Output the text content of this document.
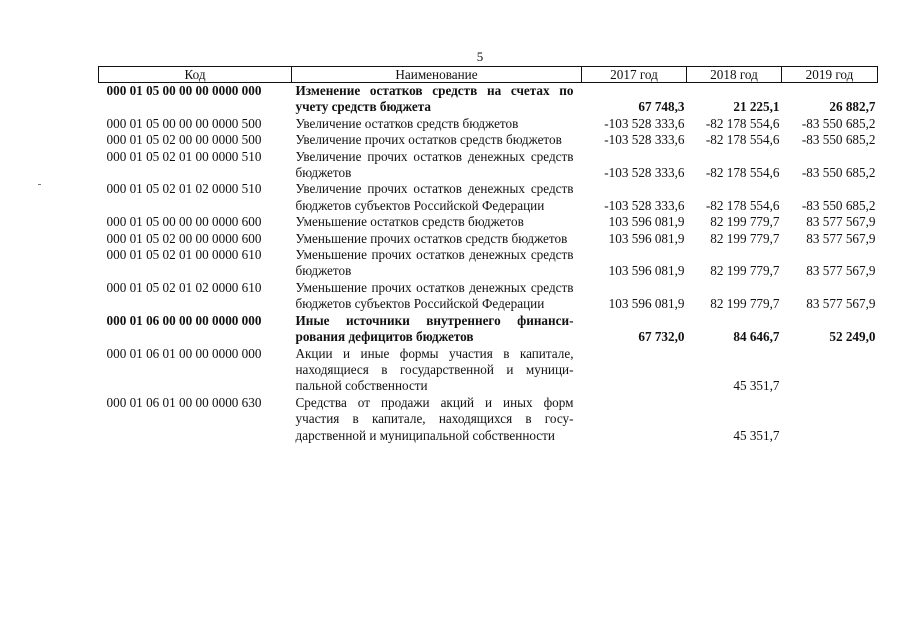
5
Код	Наименование	2017 год	2018 год	2019 год
000 01 05 00 00 00 0000 000	Изменение остатков средств на счетах по учету средств бюджета	67 748,3	21 225,1	26 882,7
000 01 05 00 00 00 0000 500	Увеличение остатков средств бюджетов	-103 528 333,6	-82 178 554,6	-83 550 685,2
000 01 05 02 00 00 0000 500	Увеличение прочих остатков средств бюджетов	-103 528 333,6	-82 178 554,6	-83 550 685,2
000 01 05 02 01 00 0000 510	Увеличение прочих остатков денежных средств бюджетов	-103 528 333,6	-82 178 554,6	-83 550 685,2
000 01 05 02 01 02 0000 510	Увеличение прочих остатков денежных средств бюджетов субъектов Российской Федерации	-103 528 333,6	-82 178 554,6	-83 550 685,2
000 01 05 00 00 00 0000 600	Уменьшение остатков средств бюджетов	103 596 081,9	82 199 779,7	83 577 567,9
000 01 05 02 00 00 0000 600	Уменьшение прочих остатков средств бюджетов	103 596 081,9	82 199 779,7	83 577 567,9
000 01 05 02 01 00 0000 610	Уменьшение прочих остатков денежных средств бюджетов	103 596 081,9	82 199 779,7	83 577 567,9
000 01 05 02 01 02 0000 610	Уменьшение прочих остатков денежных средств бюджетов субъектов Российской Федерации	103 596 081,9	82 199 779,7	83 577 567,9
000 01 06 00 00 00 0000 000	Иные источники внутреннего финансирования дефицитов бюджетов	67 732,0	84 646,7	52 249,0
000 01 06 01 00 00 0000 000	Акции и иные формы участия в капитале, находящиеся в государственной и муниципальной собственности		45 351,7	
000 01 06 01 00 00 0000 630	Средства от продажи акций и иных форм участия в капитале, находящихся в государственной и муниципальной собственности		45 351,7	
